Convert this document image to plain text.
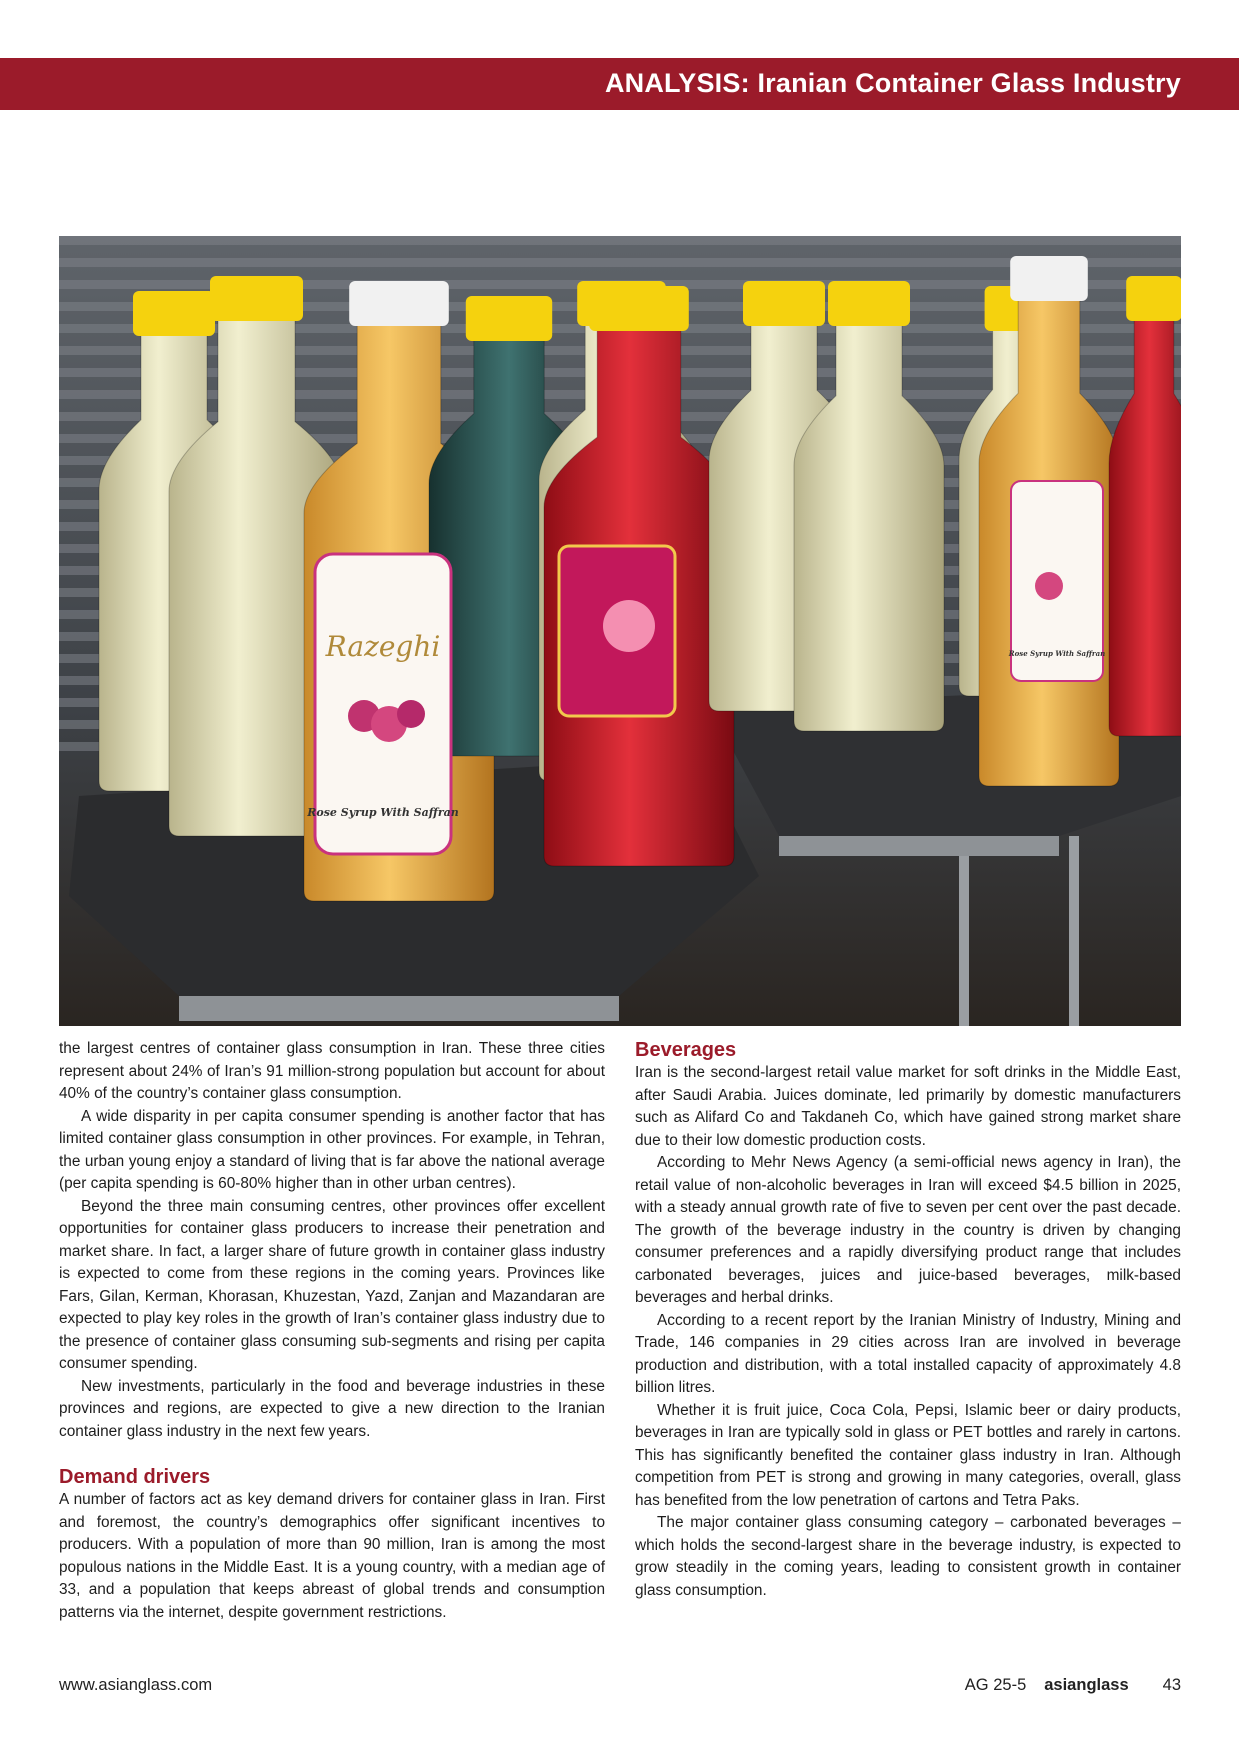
ANALYSIS: Iranian Container Glass Industry
Razeghi
Rose Syrup With Saffran
Rose Syrup With Saffran

the largest centres of container glass consumption in Iran. These three cities represent about 24% of Iran’s 91 million-strong population but account for about 40% of the country’s container glass consumption.

A wide disparity in per capita consumer spending is another factor that has limited container glass consumption in other provinces. For example, in Tehran, the urban young enjoy a standard of living that is far above the national average (per capita spending is 60-80% higher than in other urban centres).

Beyond the three main consuming centres, other provinces offer excellent opportunities for container glass producers to increase their penetration and market share. In fact, a larger share of future growth in container glass industry is expected to come from these regions in the coming years. Provinces like Fars, Gilan, Kerman, Khorasan, Khuzestan, Yazd, Zanjan and Mazandaran are expected to play key roles in the growth of Iran’s container glass industry due to the presence of container glass consuming sub-segments and rising per capita consumer spending.

New investments, particularly in the food and beverage industries in these provinces and regions, are expected to give a new direction to the Iranian container glass industry in the next few years.

Demand drivers

A number of factors act as key demand drivers for container glass in Iran. First and foremost, the country’s demographics offer significant incentives to producers. With a population of more than 90 million, Iran is among the most populous nations in the Middle East. It is a young country, with a median age of 33, and a population that keeps abreast of global trends and consumption patterns via the internet, despite government restrictions.

Beverages

Iran is the second-largest retail value market for soft drinks in the Middle East, after Saudi Arabia. Juices dominate, led primarily by domestic manufacturers such as Alifard Co and Takdaneh Co, which have gained strong market share due to their low domestic production costs.

According to Mehr News Agency (a semi-official news agency in Iran), the retail value of non-alcoholic beverages in Iran will exceed $4.5 billion in 2025, with a steady annual growth rate of five to seven per cent over the past decade. The growth of the beverage industry in the country is driven by changing consumer preferences and a rapidly diversifying product range that includes carbonated beverages, juices and juice-based beverages, milk-based beverages and herbal drinks.

According to a recent report by the Iranian Ministry of Industry, Mining and Trade, 146 companies in 29 cities across Iran are involved in beverage production and distribution, with a total installed capacity of approximately 4.8 billion litres.

Whether it is fruit juice, Coca Cola, Pepsi, Islamic beer or dairy products, beverages in Iran are typically sold in glass or PET bottles and rarely in cartons. This has significantly benefited the container glass industry in Iran. Although competition from PET is strong and growing in many categories, overall, glass has benefited from the low penetration of cartons and Tetra Paks.

The major container glass consuming category – carbonated beverages – which holds the second-largest share in the beverage industry, is expected to grow steadily in the coming years, leading to consistent growth in container glass consumption.

www.asianglass.com	AG 25-5 asianglass 43
